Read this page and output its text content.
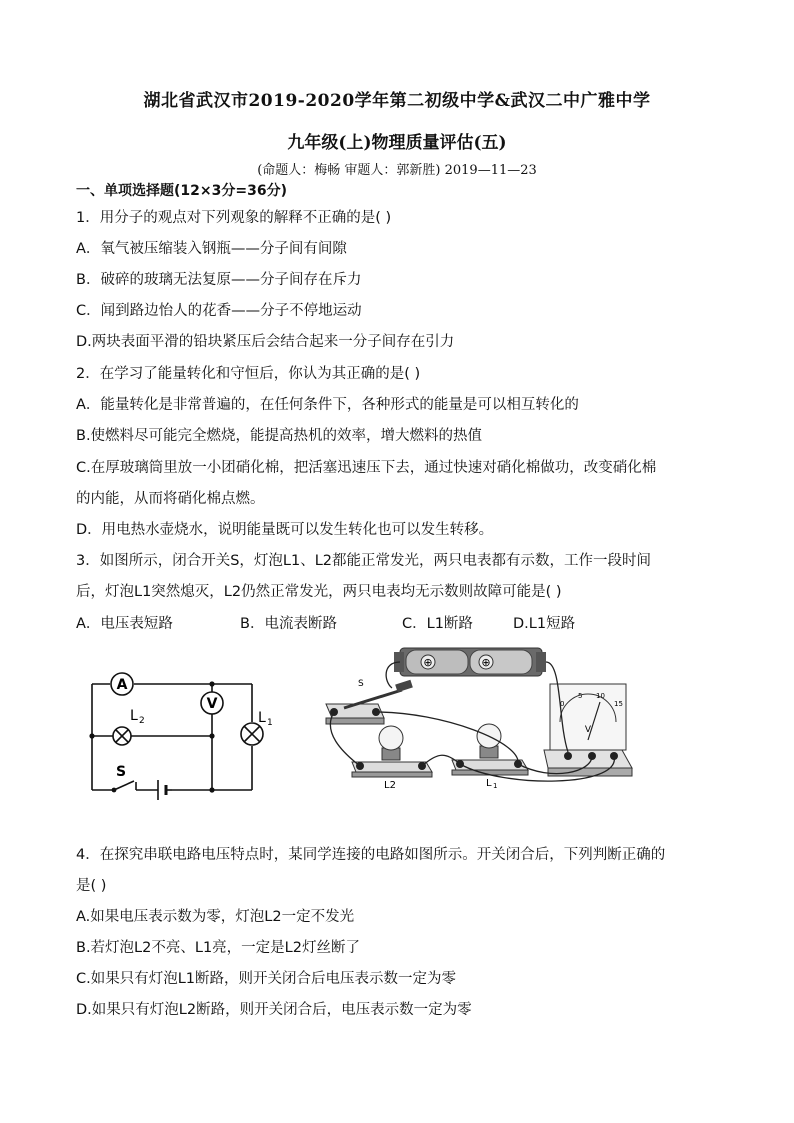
湖北省武汉市2019-2020学年第二初级中学&武汉二中广雅中学
九年级(上)物理质量评估(五)
(命题人：梅畅 审题人：郭新胜) 2019—11—23
一、单项选择题(12×3分=36分)
1．用分子的观点对下列观象的解释不正确的是( )
A．氧气被压缩装入钢瓶——分子间有间隙
B．破碎的玻璃无法复原——分子间存在斥力
C．闻到路边怡人的花香——分子不停地运动
D.两块表面平滑的铅块紧压后会结合起来一分子间存在引力
2．在学习了能量转化和守恒后，你认为其正确的是( )
A．能量转化是非常普遍的，在任何条件下，各种形式的能量是可以相互转化的
B.使燃料尽可能完全燃烧，能提高热机的效率，增大燃料的热值
C.在厚玻璃筒里放一小团硝化棉，把活塞迅速压下去，通过快速对硝化棉做功，改变硝化棉
的内能，从而将硝化棉点燃。
D．用电热水壶烧水，说明能量既可以发生转化也可以发生转移。
3．如图所示，闭合开关S，灯泡L1、L2都能正常发光，两只电表都有示数，工作一段时间
后，灯泡L1突然熄灭，L2仍然正常发光，两只电表均无示数则故障可能是( )
A．电压表短路	B．电流表断路	C．L1断路	D.L1短路
A
V
L 2	L 1
S
⊕	⊕
S
L2	L 1
0
5 10
15
V
4．在探究串联电路电压特点时，某同学连接的电路如图所示。开关闭合后，下列判断正确的
是( )
A.如果电压表示数为零，灯泡L2一定不发光
B.若灯泡L2不亮、L1亮，一定是L2灯丝断了
C.如果只有灯泡L1断路，则开关闭合后电压表示数一定为零
D.如果只有灯泡L2断路，则开关闭合后，电压表示数一定为零
